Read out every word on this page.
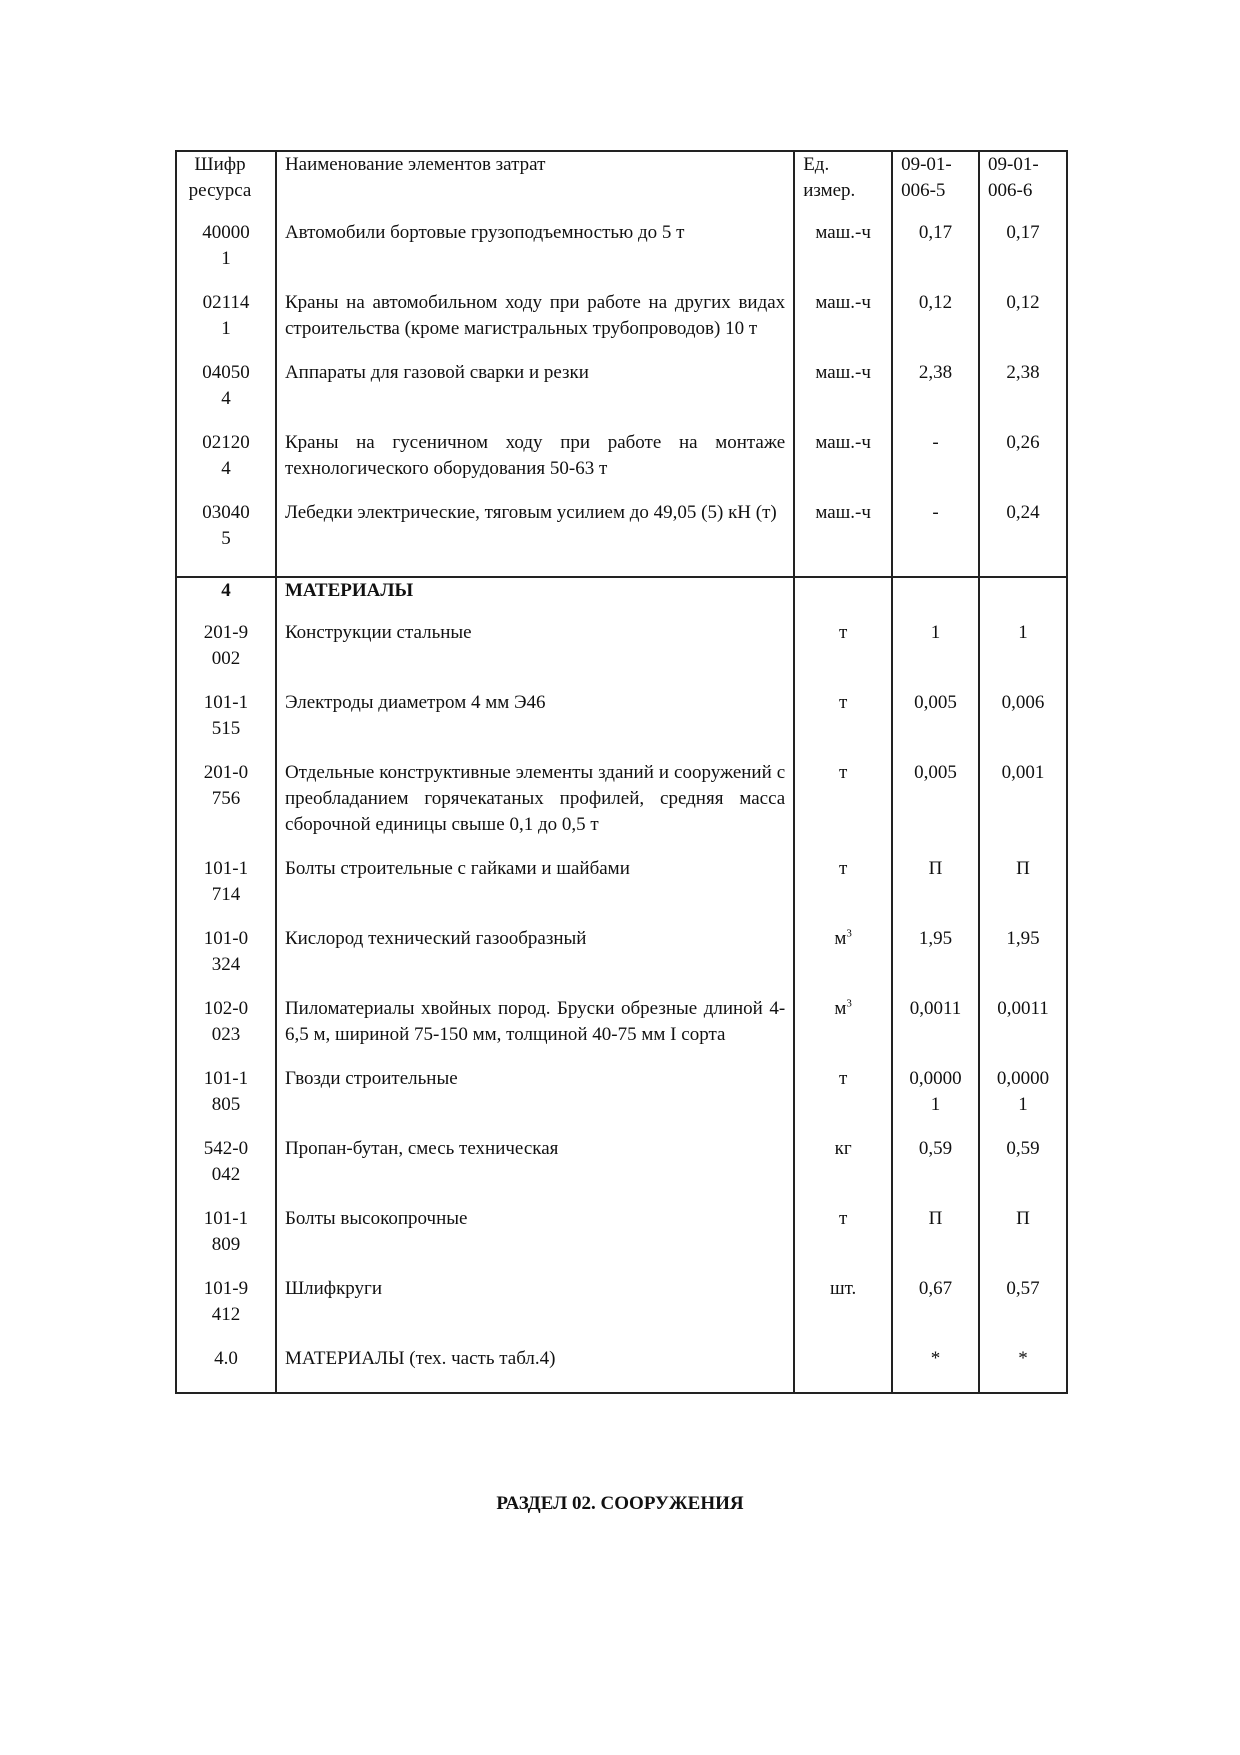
Шифр ресурса	Наименование элементов затрат	Ед. измер.	09-01-006-5	09-01-006-6

400001	Автомобили бортовые грузоподъемностью до 5 т	маш.-ч	0,17	0,17

021141	Краны на автомобильном ходу при работе на других видах строительства (кроме магистральных трубопроводов) 10 т	маш.-ч	0,12	0,12

040504	Аппараты для газовой сварки и резки	маш.-ч	2,38	2,38

021204	Краны на гусеничном ходу при работе на монтаже технологического оборудования 50-63 т	маш.-ч	-	0,26

030405	Лебедки электрические, тяговым усилием до 49,05 (5) кН (т)	маш.-ч	-	0,24

4	МАТЕРИАЛЫ			

201-9002	Конструкции стальные	т	1	1

101-1515	Электроды диаметром 4 мм Э46	т	0,005	0,006

201-0756	Отдельные конструктивные элементы зданий и сооружений с преобладанием горячекатаных профилей, средняя масса сборочной единицы свыше 0,1 до 0,5 т	т	0,005	0,001

101-1714	Болты строительные с гайками и шайбами	т	П	П

101-0324	Кислород технический газообразный	$м^3$	1,95	1,95

102-0023	Пиломатериалы хвойных пород. Бруски обрезные длиной 4-6,5 м, шириной 75-150 мм, толщиной 40-75 мм I сорта	$м^3$	0,0011	0,0011

101-1805	Гвозди строительные	т	0,00001	0,00001

542-0042	Пропан-бутан, смесь техническая	кг	0,59	0,59

101-1809	Болты высокопрочные	т	П	П

101-9412	Шлифкруги	шт.	0,67	0,57

4.0	МАТЕРИАЛЫ (тех. часть табл.4)		*	*
РАЗДЕЛ 02. СООРУЖЕНИЯ
